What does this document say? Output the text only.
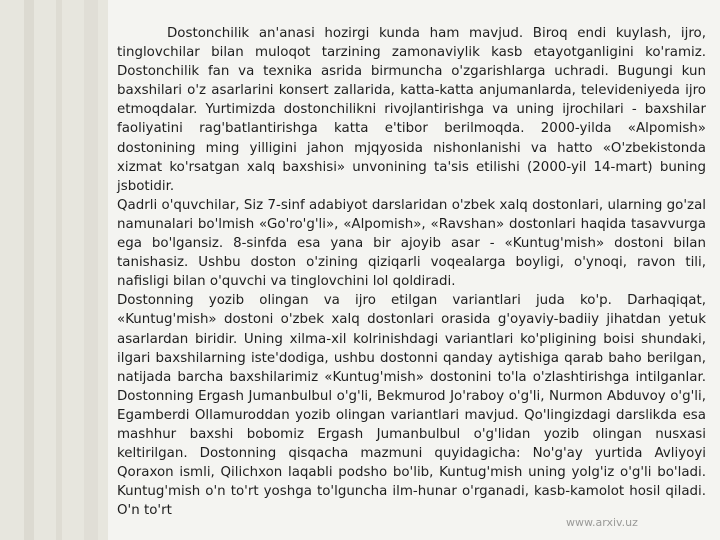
Dostonchilik an'anasi hozirgi kunda ham mavjud. Biroq endi kuylash, ijro, tinglovchilar bilan muloqot tarzining zamonaviylik kasb etayotganligini ko'ramiz. Dostonchilik fan va texnika asrida birmuncha o'zgarishlarga uchradi. Bugungi kun baxshilari o'z asarlarini konsert zallarida, katta-katta anjumanlarda, televideniyeda ijro etmoqdalar. Yurtimizda dostonchilikni rivojlantirishga va uning ijrochilari - baxshilar faoliyatini rag'batlantirishga katta e'tibor berilmoqda. 2000-yilda «Alpomish» dostonining ming yilligini jahon mjqyosida nishonlanishi va hatto «O'zbekistonda xizmat ko'rsatgan xalq baxshisi» unvonining ta'sis etilishi (2000-yil 14-mart) buning jsbotidir.

Qadrli o'quvchilar, Siz 7-sinf adabiyot darslaridan o'zbek xalq dostonlari, ularning go'zal namunalari bo'lmish «Go'ro'g'li», «Alpomish», «Ravshan» dostonlari haqida tasavvurga ega bo'lgansiz. 8-sinfda esa yana bir ajoyib asar - «Kuntug'mish» dostoni bilan tanishasiz. Ushbu doston o'zining qiziqarli voqealarga boyligi, o'ynoqi, ravon tili, nafisligi bilan o'quvchi va tinglovchini lol qoldiradi.

Dostonning yozib olingan va ijro etilgan variantlari juda ko'p. Darhaqiqat, «Kuntug'mish» dostoni o'zbek xalq dostonlari orasida g'oyaviy-badiiy jihatdan yetuk asarlardan biridir. Uning xilma-xil kolrinishdagi variantlari ko'pligining boisi shundaki, ilgari baxshilarning iste'dodiga, ushbu dostonni qanday aytishiga qarab baho berilgan, natijada barcha baxshilarimiz «Kuntug'mish» dostonini to'la o'zlashtirishga intilganlar. Dostonning Ergash Jumanbulbul o'g'li, Bekmurod Jo'raboy o'g'li, Nurmon Abduvoy o'g'li, Egamberdi Ollamuroddan yozib olingan variantlari mavjud. Qo'lingizdagi darslikda esa mashhur baxshi bobomiz Ergash Jumanbulbul o'g'lidan yozib olingan nusxasi keltirilgan. Dostonning qisqacha mazmuni quyidagicha: No'g'ay yurtida Avliyoyi Qoraxon ismli, Qilichxon laqabli podsho bo'lib, Kuntug'mish uning yolg'iz o'g'li bo'ladi. Kuntug'mish o'n to'rt yoshga to'lguncha ilm-hunar o'rganadi, kasb-kamolot hosil qiladi. O'n to'rt

www.arxiv.uz
